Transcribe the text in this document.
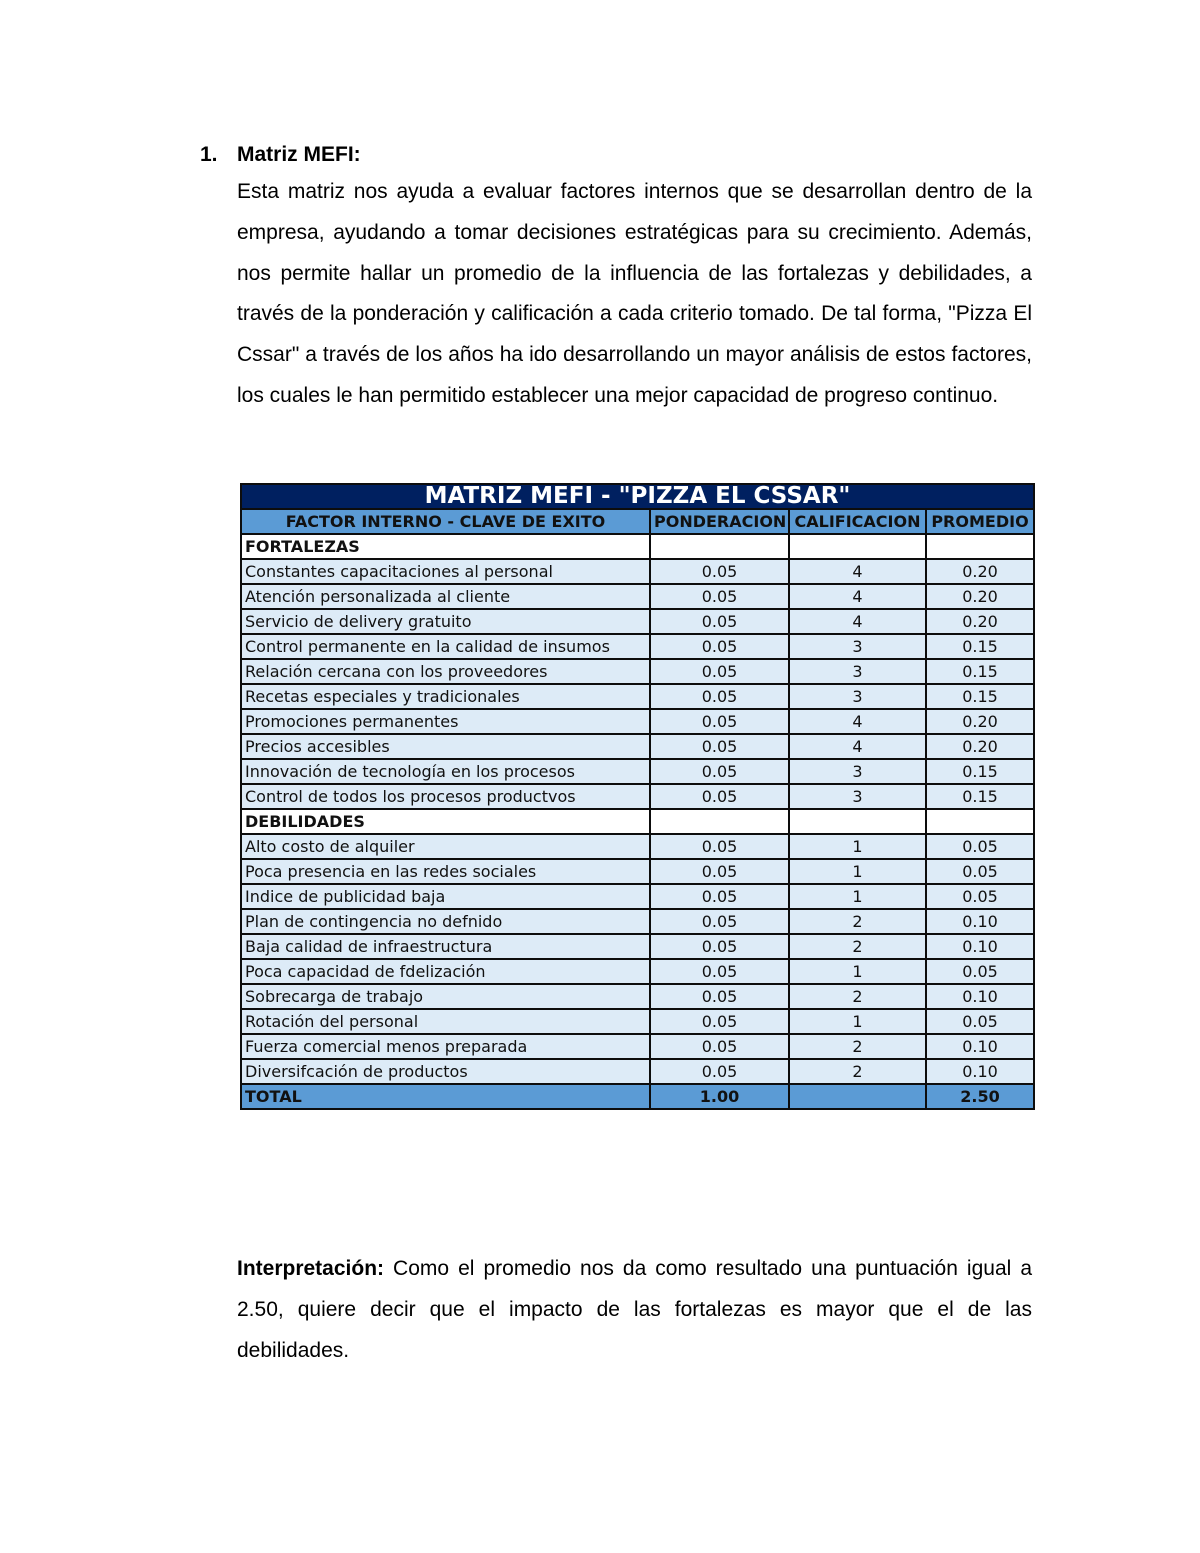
1. Matriz MEFI:
Esta matriz nos ayuda a evaluar factores internos que se desarrollan dentro de la empresa, ayudando a tomar decisiones estratégicas para su crecimiento. Además, nos permite hallar un promedio de la influencia de las fortalezas y debilidades, a través de la ponderación y calificación a cada criterio tomado. De tal forma, "Pizza El Cssar" a través de los años ha ido desarrollando un mayor análisis de estos factores, los cuales le han permitido establecer una mejor capacidad de progreso continuo.
MATRIZ MEFI - "PIZZA EL CSSAR"			
FACTOR INTERNO - CLAVE DE EXITO	PONDERACION	CALIFICACION	PROMEDIO
FORTALEZAS			
Constantes capacitaciones al personal	0.05	4	0.20
Atención personalizada al cliente	0.05	4	0.20
Servicio de delivery gratuito	0.05	4	0.20
Control permanente en la calidad de insumos	0.05	3	0.15
Relación cercana con los proveedores	0.05	3	0.15
Recetas especiales y tradicionales	0.05	3	0.15
Promociones permanentes	0.05	4	0.20
Precios accesibles	0.05	4	0.20
Innovación de tecnología en los procesos	0.05	3	0.15
Control de todos los procesos productvos	0.05	3	0.15
DEBILIDADES			
Alto costo de alquiler	0.05	1	0.05
Poca presencia en las redes sociales	0.05	1	0.05
Indice de publicidad baja	0.05	1	0.05
Plan de contingencia no defnido	0.05	2	0.10
Baja calidad de infraestructura	0.05	2	0.10
Poca capacidad de fdelización	0.05	1	0.05
Sobrecarga de trabajo	0.05	2	0.10
Rotación del personal	0.05	1	0.05
Fuerza comercial menos preparada	0.05	2	0.10
Diversifcación de productos	0.05	2	0.10
TOTAL	1.00		2.50
Interpretación: Como el promedio nos da como resultado una puntuación igual a 2.50, quiere decir que el impacto de las fortalezas es mayor que el de las debilidades.
